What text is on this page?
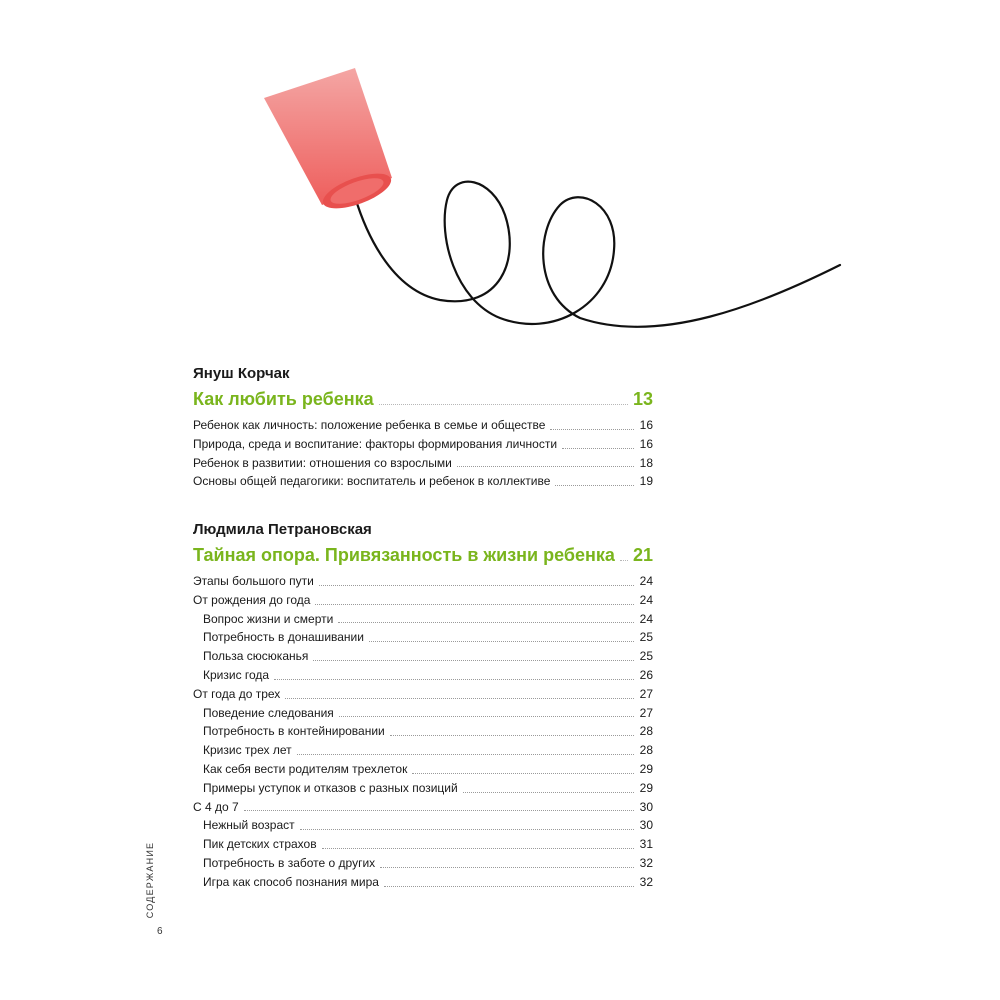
Януш Корчак
Как любить ребенка	13
Ребенок как личность: положение ребенка в семье и обществе	16
Природа, среда и воспитание: факторы формирования личности	16
Ребенок в развитии: отношения со взрослыми	18
Основы общей педагогики: воспитатель и ребенок в коллективе	19
Людмила Петрановская
Тайная опора. Привязанность в жизни ребенка 21
Этапы большого пути	24
От рождения до года	24
Вопрос жизни и смерти	24
Потребность в донашивании	25
Польза сюсюканья	25
Кризис года	26
От года до трех	27
Поведение следования	27
Потребность в контейнировании	28
Кризис трех лет	28
Как себя вести родителям трехлеток	29
Примеры уступок и отказов с разных позиций	29
С 4 до 7	30
Нежный возраст	30
Пик детских страхов	31
Потребность в заботе о других	32
Игра как способ познания мира	32
СОДЕРЖАНИЕ
6
